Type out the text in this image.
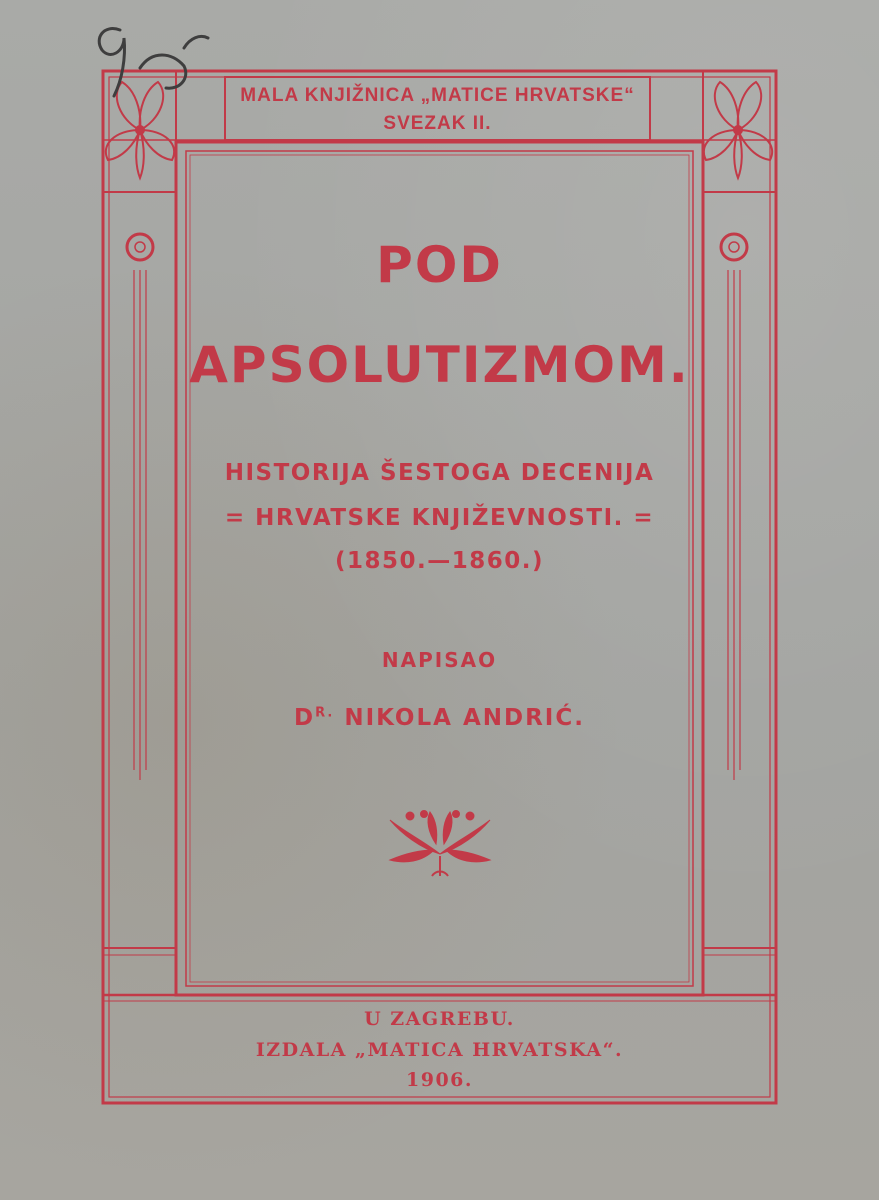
MALA KNJIŽNICA „MATICE HRVATSKE“
SVEZAK II.
POD
APSOLUTIZMOM.
HISTORIJA ŠESTOGA DECENIJA
= HRVATSKE KNJIŽEVNOSTI. =
(1850.—1860.)
NAPISAO
$D^{R.}$ NIKOLA ANDRIĆ.
U ZAGREBU.
IZDALA „MATICA HRVATSKA“.
1906.
